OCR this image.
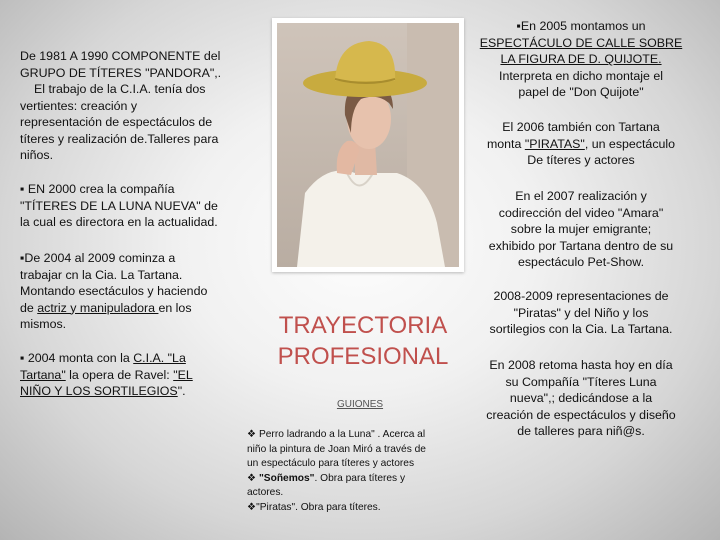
De 1981 A 1990 COMPONENTE del
GRUPO DE TÍTERES "PANDORA",.
El trabajo de la C.I.A. tenía dos
vertientes: creación y
representación de espectáculos de
títeres y realización de.Talleres para
niños.
▪ EN 2000 crea la compañía
"TÍTERES DE LA LUNA NUEVA" de
la cual es directora en la actualidad.
▪De 2004 al 2009 cominza a
trabajar cn la Cia. La Tartana.
Montando esectáculos y haciendo
de actriz y manipuladora en los
mismos.
▪ 2004 monta con la C.I.A. "La
Tartana" la opera de Ravel: "EL
NIÑO Y LOS SORTILEGIOS".
TRAYECTORIA
PROFESIONAL
GUIONES
❖ Perro ladrando a la Luna" . Acerca al
niño la pintura de Joan Miró a través de
un espectáculo para títeres y actores
❖ "Soñemos". Obra para títeres y
actores.
❖"Piratas". Obra para títeres.
▪En 2005 montamos un
ESPECTÁCULO DE CALLE SOBRE
LA FIGURA DE D. QUIJOTE.
Interpreta en dicho montaje el
papel de "Don Quijote"
El 2006 también con Tartana
monta "PIRATAS", un espectáculo
De títeres y actores
En el 2007 realización y
codirección del video "Amara"
sobre la mujer emigrante;
exhibido por Tartana dentro de su
espectáculo Pet-Show.
2008-2009 representaciones de
"Piratas" y del Niño y los
sortilegios con la Cia. La Tartana.
En 2008 retoma hasta hoy en día
su Compañía "Títeres Luna
nueva",; dedicándose a la
creación de espectáculos y diseño
de talleres para niñ@s.
